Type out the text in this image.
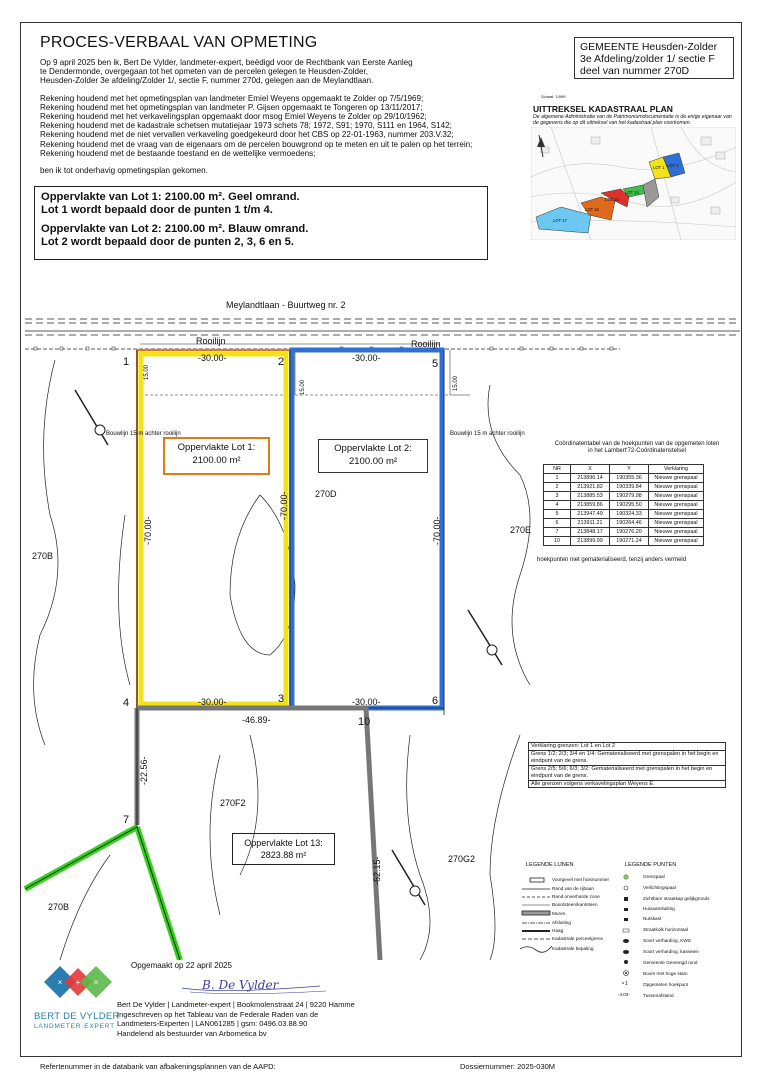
PROCES-VERBAAL VAN OPMETING
Op 9 april 2025 ben ik, Bert De Vylder, landmeter-expert, beëdigd voor de Rechtbank van Eerste Aanleg
te Dendermonde, overgegaan tot het opmeten van de percelen gelegen te Heusden-Zolder,
Heusden-Zolder 3e afdeling/Zolder 1/, sectie F, nummer 270d, gelegen aan de Meylandtlaan.
Rekening houdend met het opmetingsplan van landmeter Emiel Weyens opgemaakt te Zolder op 7/5/1969;
Rekening houdend met het opmetingsplan van landmeter P. Gijsen opgemaakt te Tongeren op 13/11/2017;
Rekening houdend met het verkavelingsplan opgemaakt door msog Emiel Weyens te Zolder op 29/10/1962;
Rekening houdend met de kadastrale schetsen mutatiejaar 1973 schets 78; 1972, S91; 1970, S111 en 1964, S142;
Rekening houdend met de niet vervallen verkaveling goedgekeurd door het CBS op 22-01-1963, nummer 203.V.32;
Rekening houdend met de vraag van de eigenaars om de percelen bouwgrond op te meten en uit te palen op het terrein;
Rekening houdend met de bestaande toestand en de wettelijke vermoedens;
ben ik tot onderhavig opmetingsplan gekomen.
GEMEENTE Heusden-Zolder
3e Afdeling/zolder 1/ sectie F
deel van nummer 270D
Schaal: 1/999
UITTREKSEL KADASTRAAL PLAN
De algemene Administratie van de Patrimoniumdocumentatie is de enige eigenaar van de gegevens die op dit uittreksel van het kadastraal plan voorkomen.
LOT 17
LOT 16
LOT 15
LOT 14
LOT 1 LOT 2

Oppervlakte van Lot 1: 2100.00 m². Geel omrand.
Lot 1 wordt bepaald door de punten 1 t/m 4.

Oppervlakte van Lot 2: 2100.00 m². Blauw omrand.
Lot 2 wordt bepaald door de punten 2, 3, 6 en 5.

Meylandtlaan - Buurtweg nr. 2
Rooilijn	Rooilijn
1	2
3
4
5
6
7
10
-30.00-	-30.00-
-30.00-	-30.00-
-46.89-
15.00
15.00	15.00
-70.00-
-70.00-
-70.00-
-22.56-
-62.15-
270D
270E
270B
270F2
270G2
270B
Bouwlijn 15 m achter rooilijn	Bouwlijn 15 m achter rooilijn
Oppervlakte Lot 1:
2100.00 m²
Oppervlakte Lot 2:
2100.00 m²
Oppervlakte Lot 13:
2823.88 m²
Coördinatentabel van de hoekpunten van de opgemeten loten
in het Lambert'72-Coördinatenstelsel
NR	X	Y	Verklaring
1	213896.14	190355.36	Nieuwe grenspaal
2	213921.82	190339.84	Nieuwe grenspaal
3	213885.53	190279.98	Nieuwe grenspaal
4	213859.86	190295.50	Nieuwe grenspaal
5	213947.49	190324.33	Nieuwe grenspaal
6	213911.21	190264.46	Nieuwe grenspaal
7	213848.17	190276.20	Nieuwe grenspaal
10	213899.99	190271.24	Nieuwe grenspaal
hoekpunten niet gematerialiseerd, tenzij anders vermeld
Verklaring grenzen: Lot 1 en Lot 2
Grens 1/2; 2/3; 3/4 en 1/4: Gematerialiseerd met grenspalen in het begin en eindpunt van de grens.
Grens 2/5; 5/6; 6/3; 3/2: Gematerialiseerd met grenspalen in het begin en eindpunt van de grens.
Alle grenzen volgens verkavelingsplan Weyens E.
LEGENDE LIJNEN
Voorgevel met huisnummer
Rand van de rijbaan
Rand onverharde zone
Boordsteen/kantsteen
Muren
Afsluiting
Haag
Kadastrale perceelgrens
Kadastrale bepaling
LEGENDE PUNTEN
1
-4.03-
Grenspaal
Verlichtingspaal
Zichtbare straatkap gelijkgronds
Huisaansluiting
Nutskast
Straatkolk horizontaal
Soort verharding, KWS
Soort verharding, kasseien
Gemeente Gemengd rond
Boom met hoge stam
Opgemeten hoekpunt
Tussenafstand
× + ×
BERT DE VYLDER
LANDMETER·EXPERT
Opgemaakt op 22 april 2025
B. De Vylder
Bert De Vylder | Landmeter-expert | Bookmolenstraat 24 | 9220 Hamme
Ingeschreven op het Tableau van de Federale Raden van de
Landmeters-Experten | LAN061285 | gsm: 0496.03.88.90
Handelend als bestuurder van Arbometica bv
Refertenummer in de databank van afbakeningsplannen van de AAPD:	Dossiernummer: 2025-030M
